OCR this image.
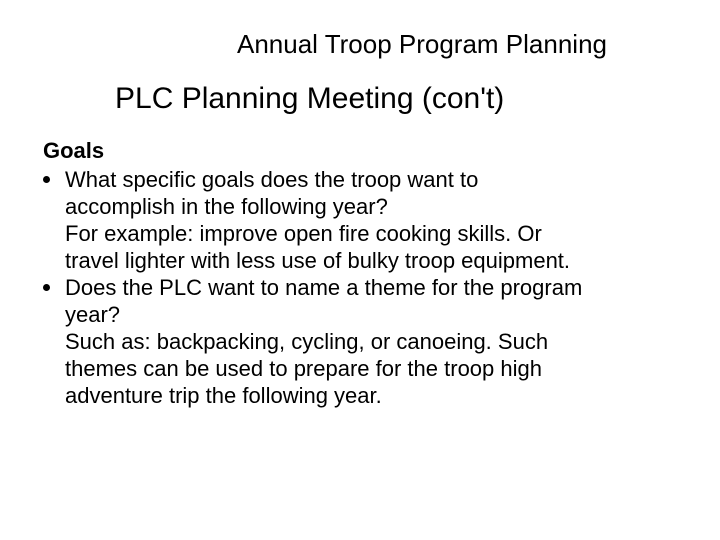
Annual Troop Program Planning
PLC Planning Meeting (con't)
Goals
What specific goals does the troop want to
accomplish in the following year?
For example: improve open fire cooking skills. Or
travel lighter with less use of bulky troop equipment.
Does the PLC want to name a theme for the program
year?
Such as: backpacking, cycling, or canoeing. Such
themes can be used to prepare for the troop high
adventure trip the following year.
